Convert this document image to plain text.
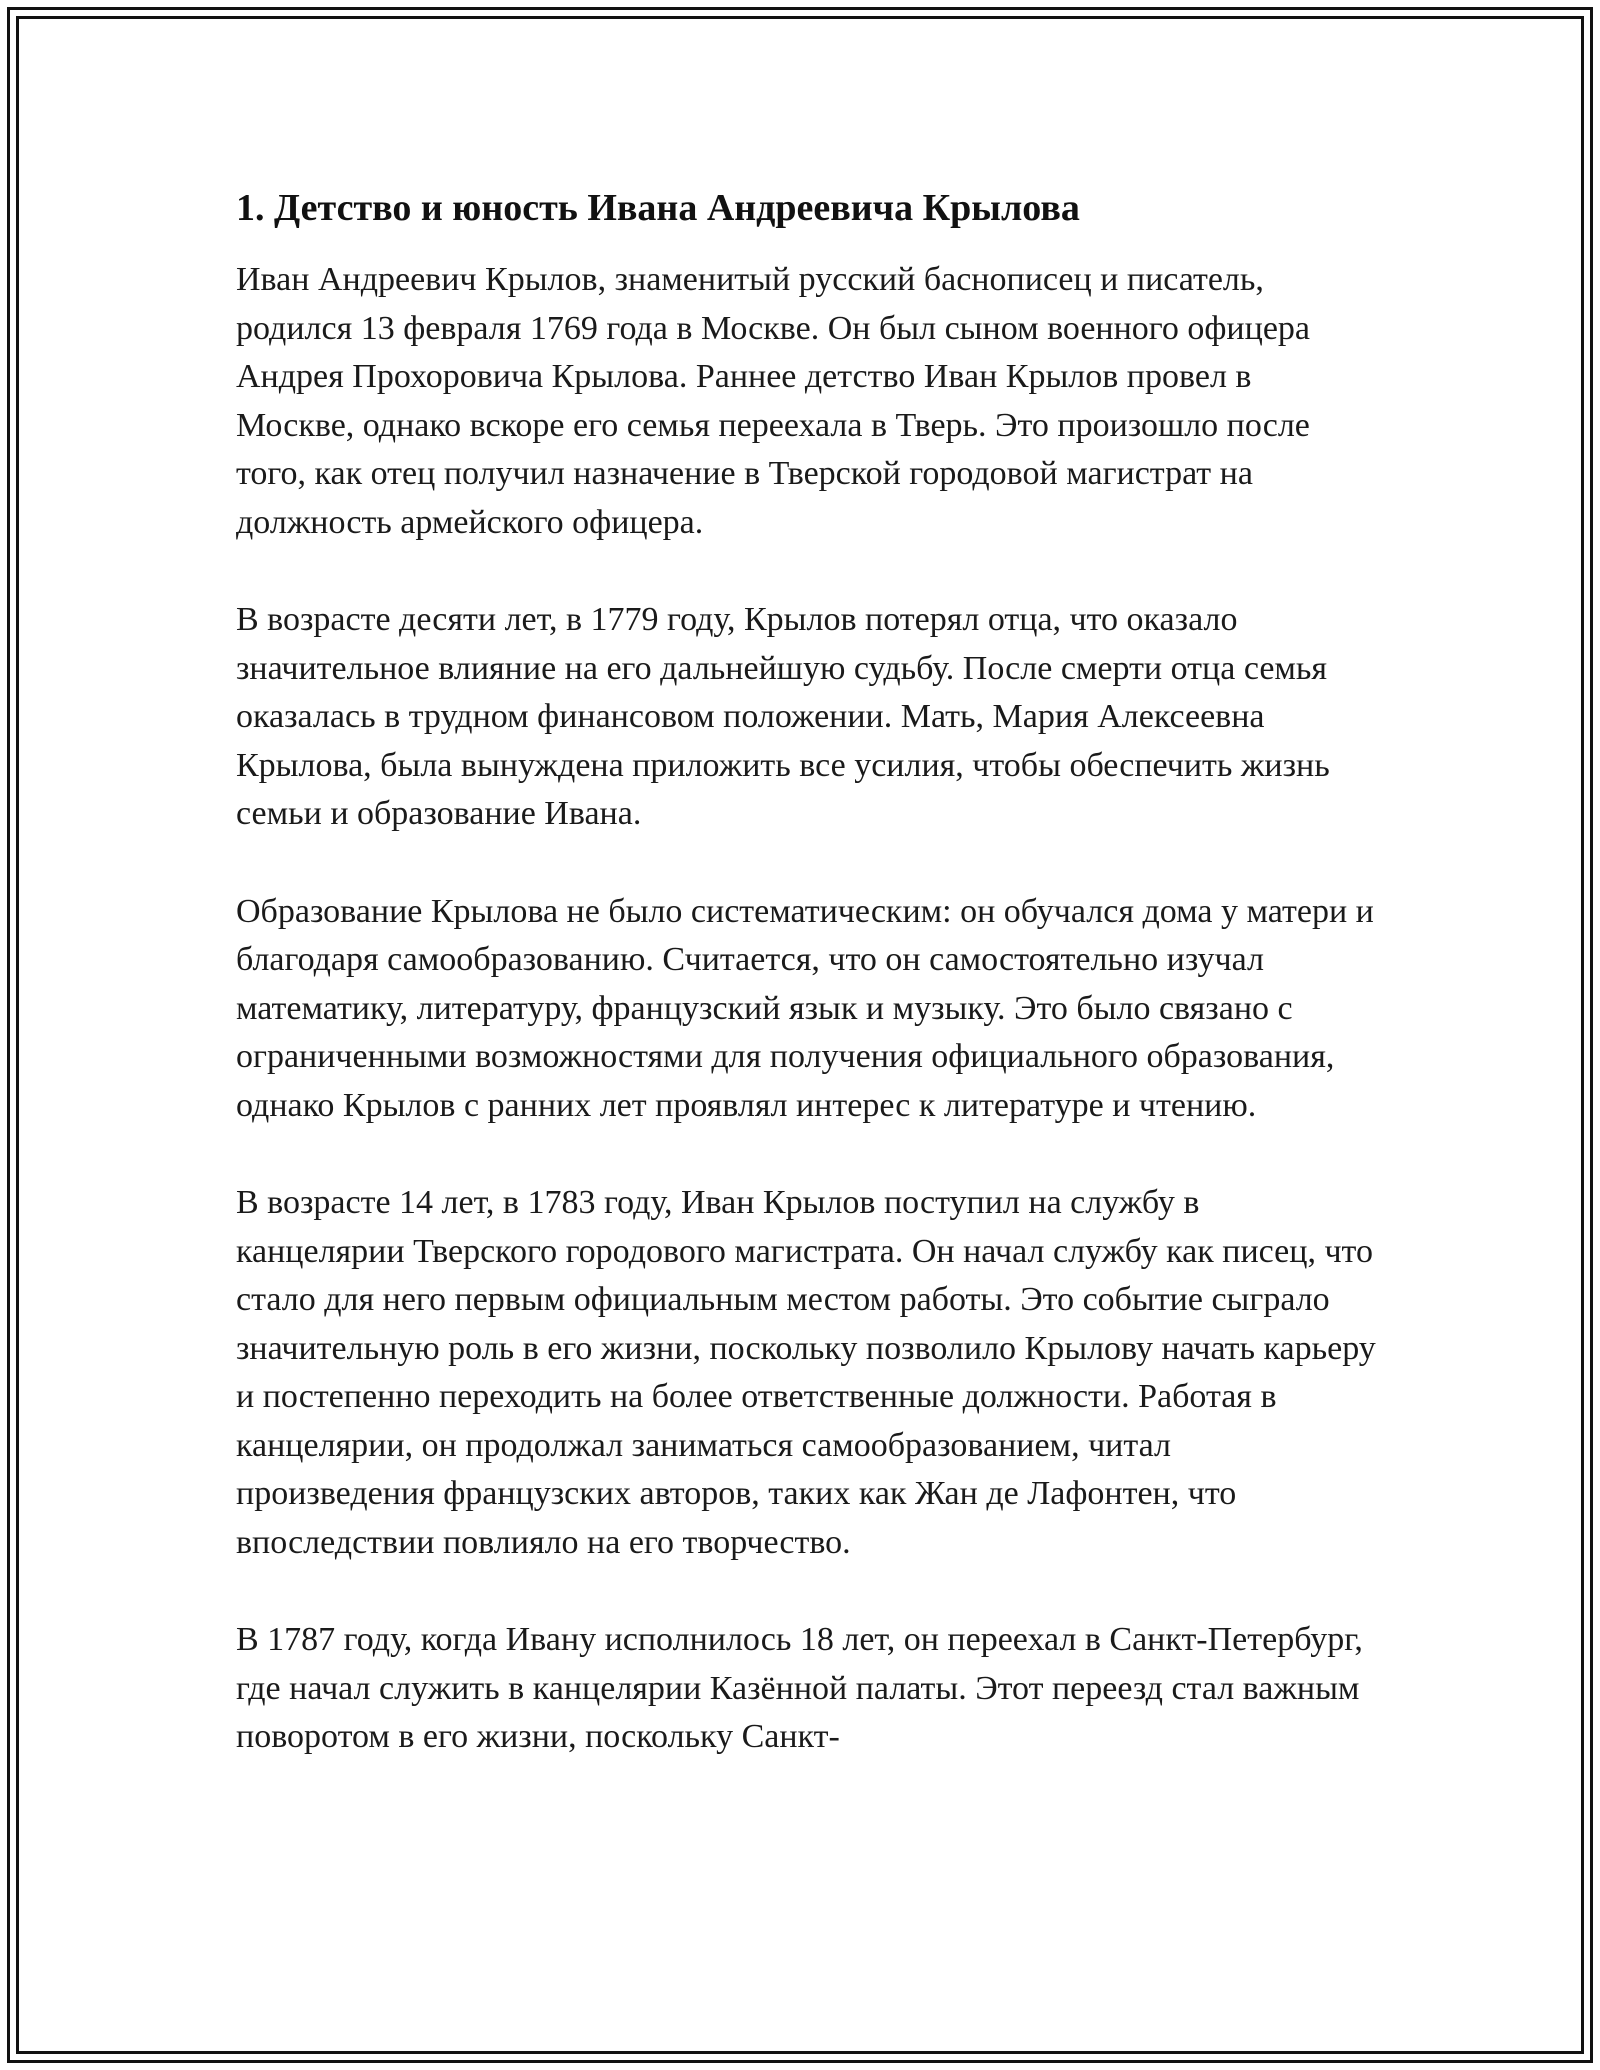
1. Детство и юность Ивана Андреевича Крылова

Иван Андреевич Крылов, знаменитый русский баснописец и писатель, родился 13 февраля 1769 года в Москве. Он был сыном военного офицера Андрея Прохоровича Крылова. Раннее детство Иван Крылов провел в Москве, однако вскоре его семья переехала в Тверь. Это произошло после того, как отец получил назначение в Тверской городовой магистрат на должность армейского офицера.

В возрасте десяти лет, в 1779 году, Крылов потерял отца, что оказало значительное влияние на его дальнейшую судьбу. После смерти отца семья оказалась в трудном финансовом положении. Мать, Мария Алексеевна Крылова, была вынуждена приложить все усилия, чтобы обеспечить жизнь семьи и образование Ивана.

Образование Крылова не было систематическим: он обучался дома у матери и благодаря самообразованию. Считается, что он самостоятельно изучал математику, литературу, французский язык и музыку. Это было связано с ограниченными возможностями для получения официального образования, однако Крылов с ранних лет проявлял интерес к литературе и чтению.

В возрасте 14 лет, в 1783 году, Иван Крылов поступил на службу в канцелярии Тверского городового магистрата. Он начал службу как писец, что стало для него первым официальным местом работы. Это событие сыграло значительную роль в его жизни, поскольку позволило Крылову начать карьеру и постепенно переходить на более ответственные должности. Работая в канцелярии, он продолжал заниматься самообразованием, читал произведения французских авторов, таких как Жан де Лафонтен, что впоследствии повлияло на его творчество.

В 1787 году, когда Ивану исполнилось 18 лет, он переехал в Санкт-Петербург, где начал служить в канцелярии Казённой палаты. Этот переезд стал важным поворотом в его жизни, поскольку Санкт-
